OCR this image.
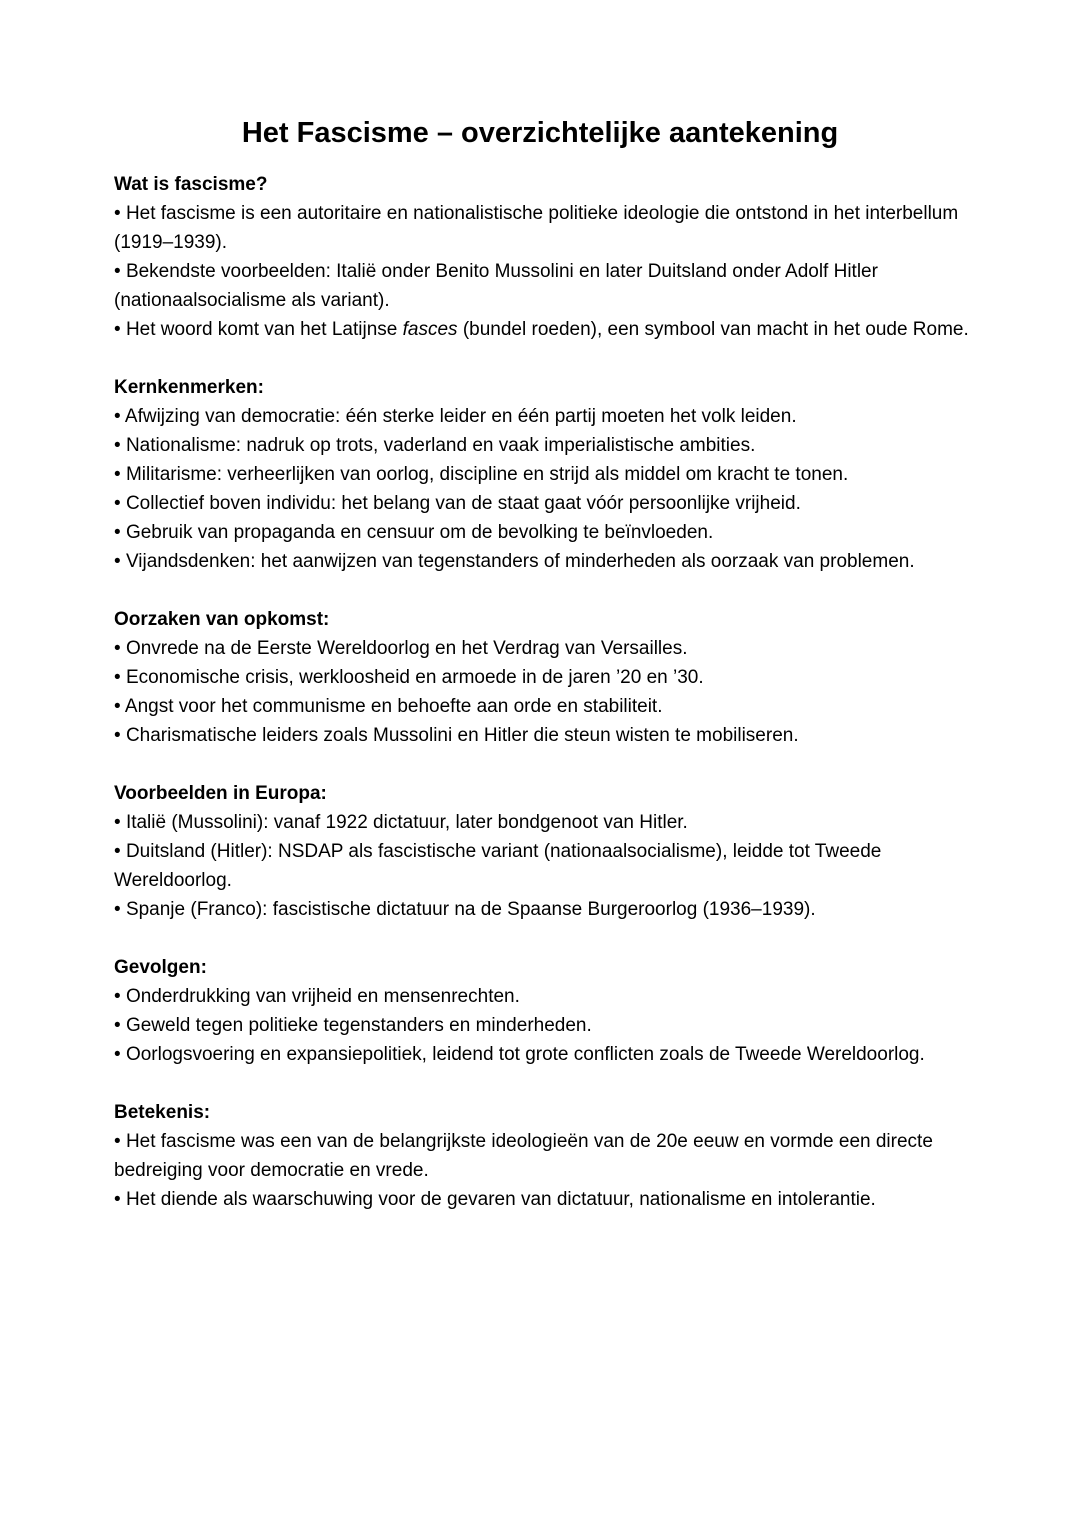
Het Fascisme – overzichtelijke aantekening

Wat is fascisme?

• Het fascisme is een autoritaire en nationalistische politieke ideologie die ontstond in het interbellum (1919–1939).

• Bekendste voorbeelden: Italië onder Benito Mussolini en later Duitsland onder Adolf Hitler (nationaalsocialisme als variant).

• Het woord komt van het Latijnse fasces (bundel roeden), een symbool van macht in het oude Rome.

Kernkenmerken:

• Afwijzing van democratie: één sterke leider en één partij moeten het volk leiden.

• Nationalisme: nadruk op trots, vaderland en vaak imperialistische ambities.

• Militarisme: verheerlijken van oorlog, discipline en strijd als middel om kracht te tonen.

• Collectief boven individu: het belang van de staat gaat vóór persoonlijke vrijheid.

• Gebruik van propaganda en censuur om de bevolking te beïnvloeden.

• Vijandsdenken: het aanwijzen van tegenstanders of minderheden als oorzaak van problemen.

Oorzaken van opkomst:

• Onvrede na de Eerste Wereldoorlog en het Verdrag van Versailles.

• Economische crisis, werkloosheid en armoede in de jaren ’20 en ’30.

• Angst voor het communisme en behoefte aan orde en stabiliteit.

• Charismatische leiders zoals Mussolini en Hitler die steun wisten te mobiliseren.

Voorbeelden in Europa:

• Italië (Mussolini): vanaf 1922 dictatuur, later bondgenoot van Hitler.

• Duitsland (Hitler): NSDAP als fascistische variant (nationaalsocialisme), leidde tot Tweede Wereldoorlog.

• Spanje (Franco): fascistische dictatuur na de Spaanse Burgeroorlog (1936–1939).

Gevolgen:

• Onderdrukking van vrijheid en mensenrechten.

• Geweld tegen politieke tegenstanders en minderheden.

• Oorlogsvoering en expansiepolitiek, leidend tot grote conflicten zoals de Tweede Wereldoorlog.

Betekenis:

• Het fascisme was een van de belangrijkste ideologieën van de 20e eeuw en vormde een directe bedreiging voor democratie en vrede.

• Het diende als waarschuwing voor de gevaren van dictatuur, nationalisme en intolerantie.
